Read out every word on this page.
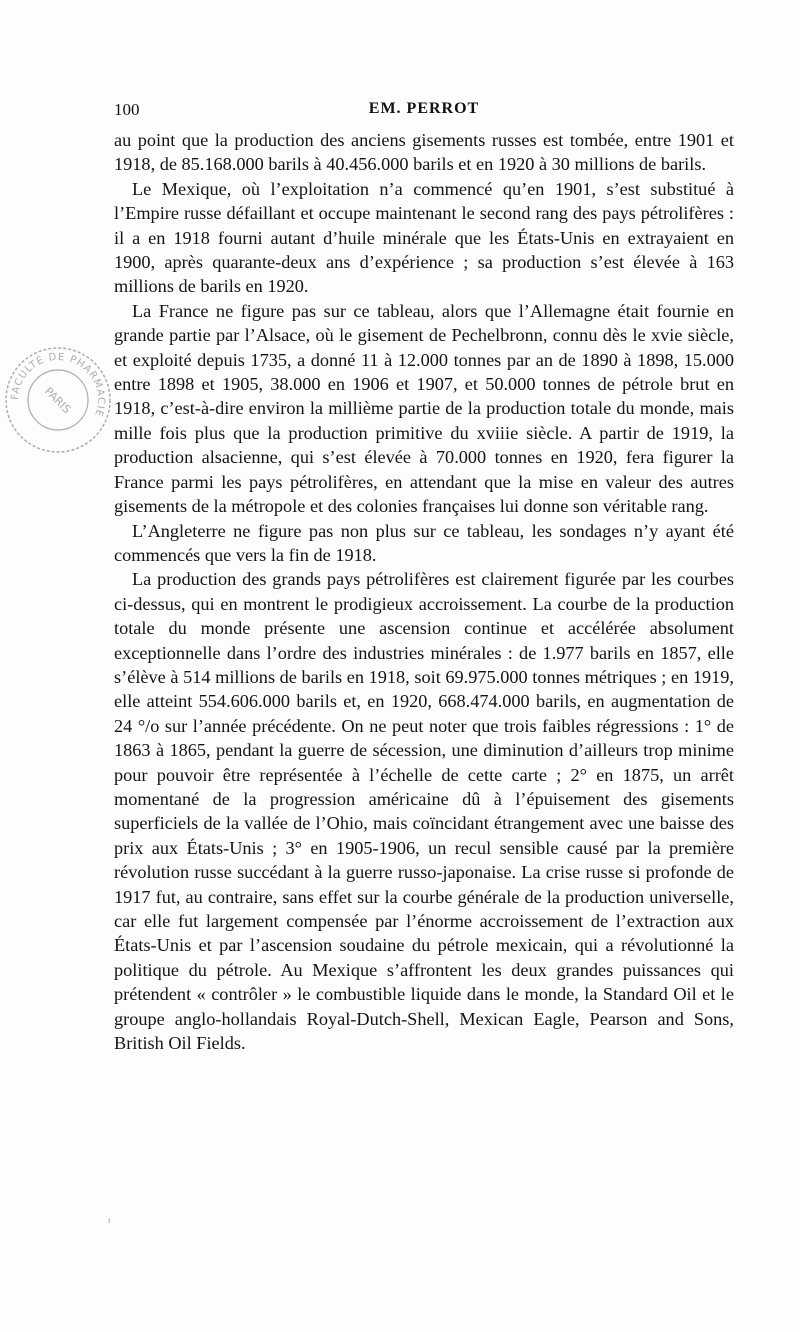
100	EM. PERROT

au point que la production des anciens gisements russes est tombée, entre 1901 et 1918, de 85.168.000 barils à 40.456.000 barils et en 1920 à 30 millions de barils.

Le Mexique, où l’exploitation n’a commencé qu’en 1901, s’est substitué à l’Empire russe défaillant et occupe maintenant le second rang des pays pétrolifères : il a en 1918 fourni autant d’huile minérale que les États-Unis en extrayaient en 1900, après quarante-deux ans d’expérience ; sa production s’est élevée à 163 millions de barils en 1920.

La France ne figure pas sur ce tableau, alors que l’Allemagne était fournie en grande partie par l’Alsace, où le gisement de Pechelbronn, connu dès le xvie siècle, et exploité depuis 1735, a donné 11 à 12.000 tonnes par an de 1890 à 1898, 15.000 entre 1898 et 1905, 38.000 en 1906 et 1907, et 50.000 tonnes de pétrole brut en 1918, c’est-à-dire environ la millième partie de la production totale du monde, mais mille fois plus que la production primitive du xviiie siècle. A partir de 1919, la production alsacienne, qui s’est élevée à 70.000 tonnes en 1920, fera figurer la France parmi les pays pétrolifères, en attendant que la mise en valeur des autres gisements de la métropole et des colonies françaises lui donne son véritable rang.

L’Angleterre ne figure pas non plus sur ce tableau, les sondages n’y ayant été commencés que vers la fin de 1918.

La production des grands pays pétrolifères est clairement figurée par les courbes ci-dessus, qui en montrent le prodigieux accroissement. La courbe de la production totale du monde présente une ascension continue et accélérée absolument exceptionnelle dans l’ordre des industries minérales : de 1.977 barils en 1857, elle s’élève à 514 millions de barils en 1918, soit 69.975.000 tonnes métriques ; en 1919, elle atteint 554.606.000 barils et, en 1920, 668.474.000 barils, en augmentation de 24 °/o sur l’année précédente. On ne peut noter que trois faibles régressions : 1° de 1863 à 1865, pendant la guerre de sécession, une diminution d’ailleurs trop minime pour pouvoir être représentée à l’échelle de cette carte ; 2° en 1875, un arrêt momentané de la progression américaine dû à l’épuisement des gisements superficiels de la vallée de l’Ohio, mais coïncidant étrangement avec une baisse des prix aux États-Unis ; 3° en 1905-1906, un recul sensible causé par la première révolution russe succédant à la guerre russo-japonaise. La crise russe si profonde de 1917 fut, au contraire, sans effet sur la courbe générale de la production universelle, car elle fut largement compensée par l’énorme accroissement de l’extraction aux États-Unis et par l’ascension soudaine du pétrole mexicain, qui a révolutionné la politique du pétrole. Au Mexique s’affrontent les deux grandes puissances qui prétendent « contrôler » le combustible liquide dans le monde, la Standard Oil et le groupe anglo-hollandais Royal-Dutch-Shell, Mexican Eagle, Pearson and Sons, British Oil Fields.

FACULTÉ DE PHARMACIE
PARIS
ı
